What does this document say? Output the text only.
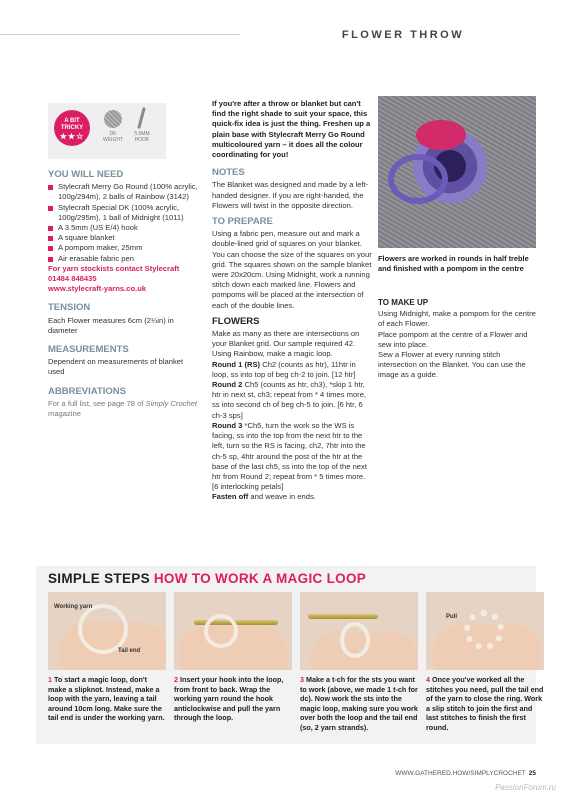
FLOWER THROW
A BIT
TRICKY
★★☆	DK
WEIGHT
5.5MM
HOOK
YOU WILL NEED
Stylecraft Merry Go Round (100% acrylic, 100g/294m), 2 balls of Rainbow (3142)
Stylecraft Special DK (100% acrylic, 100g/295m), 1 ball of Midnight (1011)
A 3.5mm (US E/4) hook
A square blanket
A pompom maker, 25mm
Air erasable fabric pen
For yarn stockists contact Stylecraft 01484 848435
www.stylecraft-yarns.co.uk
TENSION
Each Flower measures 6cm (2¼in) in diameter
MEASUREMENTS
Dependent on measurements of blanket used
ABBREVIATIONS
For a full list, see page 78 of Simply Crochet magazine
If you're after a throw or blanket but can't find the right shade to suit your space, this quick-fix idea is just the thing. Freshen up a plain base with Stylecraft Merry Go Round multicoloured yarn – it does all the colour coordinating for you!
NOTES
The Blanket was designed and made by a left-handed designer. If you are right-handed, the Flowers will twist in the opposite direction.
TO PREPARE
Using a fabric pen, measure out and mark a double-lined grid of squares on your blanket. You can choose the size of the squares on your grid. The squares shown on the sample blanket were 20x20cm. Using Midnight, work a running stitch down each marked line. Flowers and pompoms will be placed at the intersection of each of the double lines.
FLOWERS
Make as many as there are intersections on your Blanket grid. Our sample required 42. Using Rainbow, make a magic loop.
Round 1 (RS) Ch2 (counts as htr), 11htr in loop, ss into top of beg ch-2 to join. [12 htr]
Round 2 Ch5 (counts as htr, ch3), *skip 1 htr, htr in next st, ch3; repeat from * 4 times more, ss into second ch of beg ch-5 to join. [6 htr, 6 ch-3 sps]
Round 3 *Ch5, turn the work so the WS is facing, ss into the top from the next htr to the left, turn so the RS is facing, ch2, 7htr into the ch-5 sp, 4htr around the post of the htr at the base of the last ch5, ss into the top of the next htr from Round 2; repeat from * 5 times more. [6 interlocking petals]
Fasten off and weave in ends.
Flowers are worked in rounds in half treble and finished with a pompom in the centre
TO MAKE UP
Using Midnight, make a pompom for the centre of each Flower.
Place pompom at the centre of a Flower and sew into place.
Sew a Flower at every running stitch intersection on the Blanket. You can use the image as a guide.
SIMPLE STEPS HOW TO WORK A MAGIC LOOP
Working yarn
Tail end
Pull
1 To start a magic loop, don't make a slipknot. Instead, make a loop with the yarn, leaving a tail around 10cm long. Make sure the tail end is under the working yarn.
2 Insert your hook into the loop, from front to back. Wrap the working yarn round the hook anticlockwise and pull the yarn through the loop.
3 Make a t-ch for the sts you want to work (above, we made 1 t-ch for dc). Now work the sts into the magic loop, making sure you work over both the loop and the tail end (so, 2 yarn strands).
4 Once you've worked all the stitches you need, pull the tail end of the yarn to close the ring. Work a slip stitch to join the first and last stitches to finish the first round.
WWW.GATHERED.HOW/SIMPLYCROCHET 25
PassionForum.ru
